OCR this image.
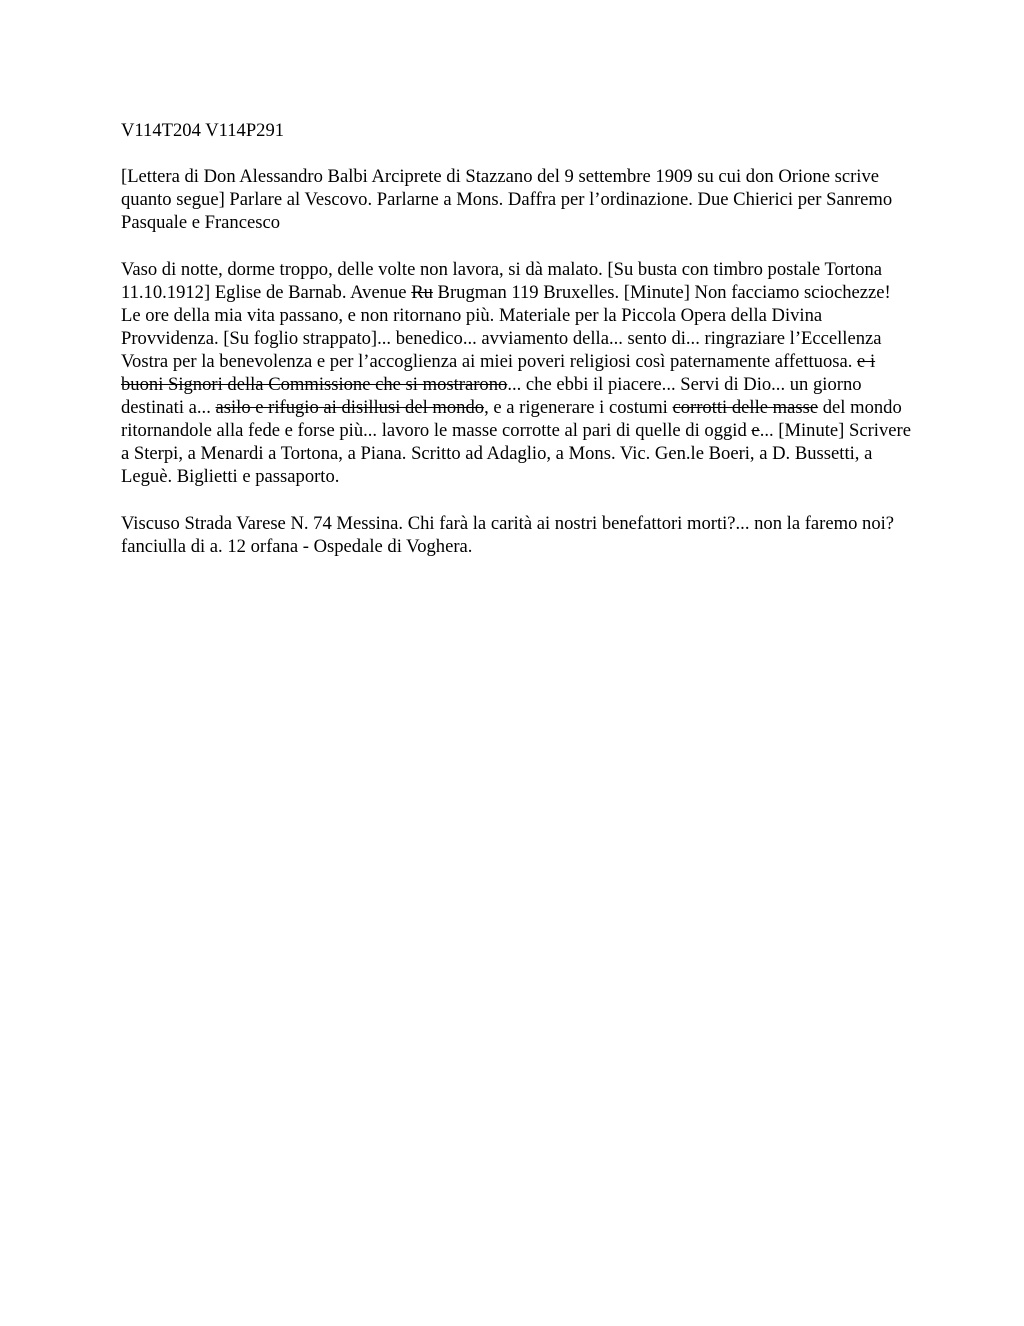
V114T204 V114P291

[Lettera di Don Alessandro Balbi Arciprete di Stazzano del 9 settembre 1909 su cui don Orione scrive quanto segue] Parlare al Vescovo. Parlarne a Mons. Daffra per l’ordinazione. Due Chierici per Sanremo Pasquale e Francesco

Vaso di notte, dorme troppo, delle volte non lavora, si dà malato. [Su busta con timbro postale Tortona 11.10.1912] Eglise de Barnab. Avenue Ru Brugman 119 Bruxelles. [Minute] Non facciamo sciochezze! Le ore della mia vita passano, e non ritornano più. Materiale per la Piccola Opera della Divina Provvidenza. [Su foglio strappato]... benedico... avviamento della... sento di... ringraziare l’Eccellenza Vostra per la benevolenza e per l’accoglienza ai miei poveri religiosi così paternamente affettuosa. e i buoni Signori della Commissione che si mostrarono... che ebbi il piacere... Servi di Dio... un giorno destinati a... asilo e rifugio ai disillusi del mondo, e a rigenerare i costumi corrotti delle masse del mondo ritornandole alla fede e forse più... lavoro le masse corrotte al pari di quelle di oggid e... [Minute] Scrivere a Sterpi, a Menardi a Tortona, a Piana. Scritto ad Adaglio, a Mons. Vic. Gen.le Boeri, a D. Bussetti, a Leguè. Biglietti e passaporto.

Viscuso Strada Varese N. 74 Messina. Chi farà la carità ai nostri benefattori morti?... non la faremo noi? fanciulla di a. 12 orfana - Ospedale di Voghera.
